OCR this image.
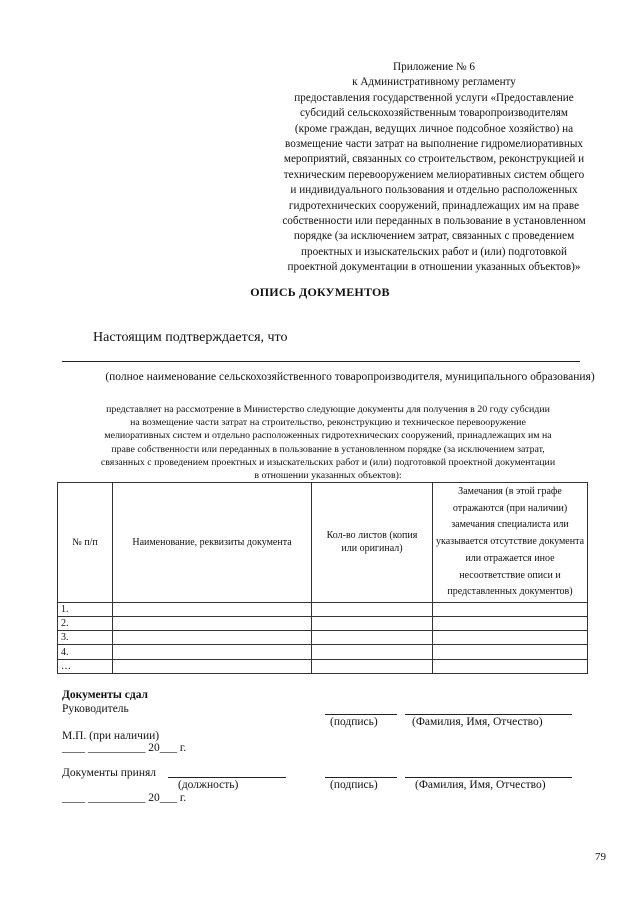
Приложение № 6
к Административному регламенту
предоставления государственной услуги «Предоставление
субсидий сельскохозяйственным товаропроизводителям
(кроме граждан, ведущих личное подсобное хозяйство) на
возмещение части затрат на выполнение гидромелиоративных
мероприятий, связанных со строительством, реконструкцией и
техническим перевооружением мелиоративных систем общего
и индивидуального пользования и отдельно расположенных
гидротехнических сооружений, принадлежащих им на праве
собственности или переданных в пользование в установленном
порядке (за исключением затрат, связанных с проведением
проектных и изыскательских работ и (или) подготовкой
проектной документации в отношении указанных объектов)»
ОПИСЬ ДОКУМЕНТОВ
Настоящим подтверждается, что
(полное наименование сельскохозяйственного товаропроизводителя, муниципального образования)
представляет на рассмотрение в Министерство следующие документы для получения в 20 году субсидии
на возмещение части затрат на строительство, реконструкцию и техническое перевооружение
мелиоративных систем и отдельно расположенных гидротехнических сооружений, принадлежащих им на
праве собственности или переданных в пользование в установленном порядке (за исключением затрат,
связанных с проведением проектных и изыскательских работ и (или) подготовкой проектной документации
в отношении указанных объектов):
№ п/п	Наименование, реквизиты документа	Кол-во листов (копия или оригинал)	Замечания (в этой графе отражаются (при наличии) замечания специалиста или указывается отсутствие документа или отражается иное несоответствие описи и представленных документов)
1.			
2.			
3.			
4.			
…			
Документы сдал
Руководитель
(подпись)	(Фамилия, Имя, Отчество)
М.П. (при наличии)
____ __________ 20___ г.
Документы принял
(должность)	(подпись)	(Фамилия, Имя, Отчество)
____ __________ 20___ г.
79
